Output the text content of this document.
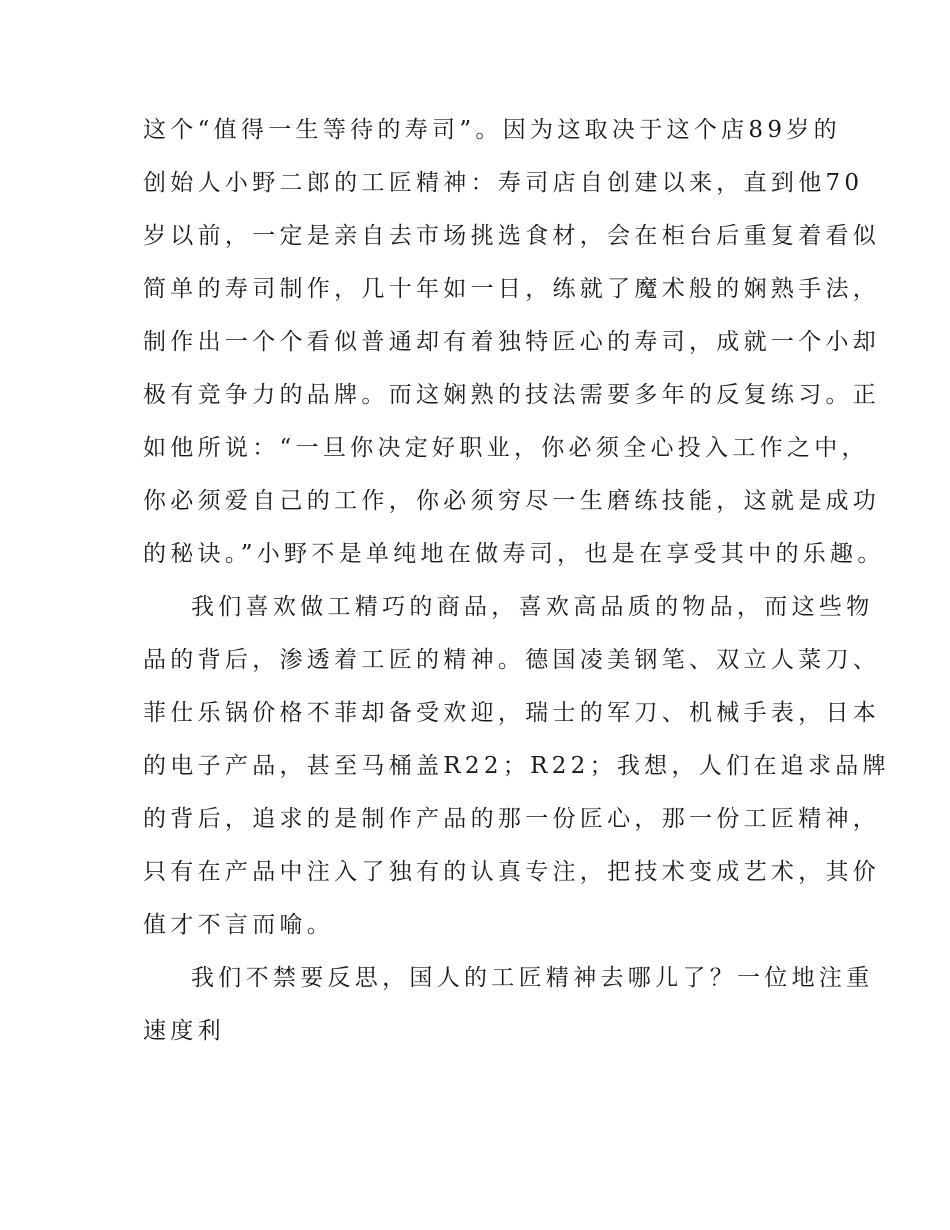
这个“值得一生等待的寿司”。因为这取决于这个店89岁的
创始人小野二郎的工匠精神：寿司店自创建以来，直到他70
岁以前，一定是亲自去市场挑选食材，会在柜台后重复着看似
简单的寿司制作，几十年如一日，练就了魔术般的娴熟手法，
制作出一个个看似普通却有着独特匠心的寿司，成就一个小却
极有竞争力的品牌。而这娴熟的技法需要多年的反复练习。正
如他所说：“一旦你决定好职业，你必须全心投入工作之中，
你必须爱自己的工作，你必须穷尽一生磨练技能，这就是成功
的秘诀。”小野不是单纯地在做寿司，也是在享受其中的乐趣。
我们喜欢做工精巧的商品，喜欢高品质的物品，而这些物
品的背后，渗透着工匠的精神。德国凌美钢笔、双立人菜刀、
菲仕乐锅价格不菲却备受欢迎，瑞士的军刀、机械手表，日本
的电子产品，甚至马桶盖R22；R22；我想，人们在追求品牌
的背后，追求的是制作产品的那一份匠心，那一份工匠精神，
只有在产品中注入了独有的认真专注，把技术变成艺术，其价
值才不言而喻。
我们不禁要反思，国人的工匠精神去哪儿了？一位地注重
速度利
